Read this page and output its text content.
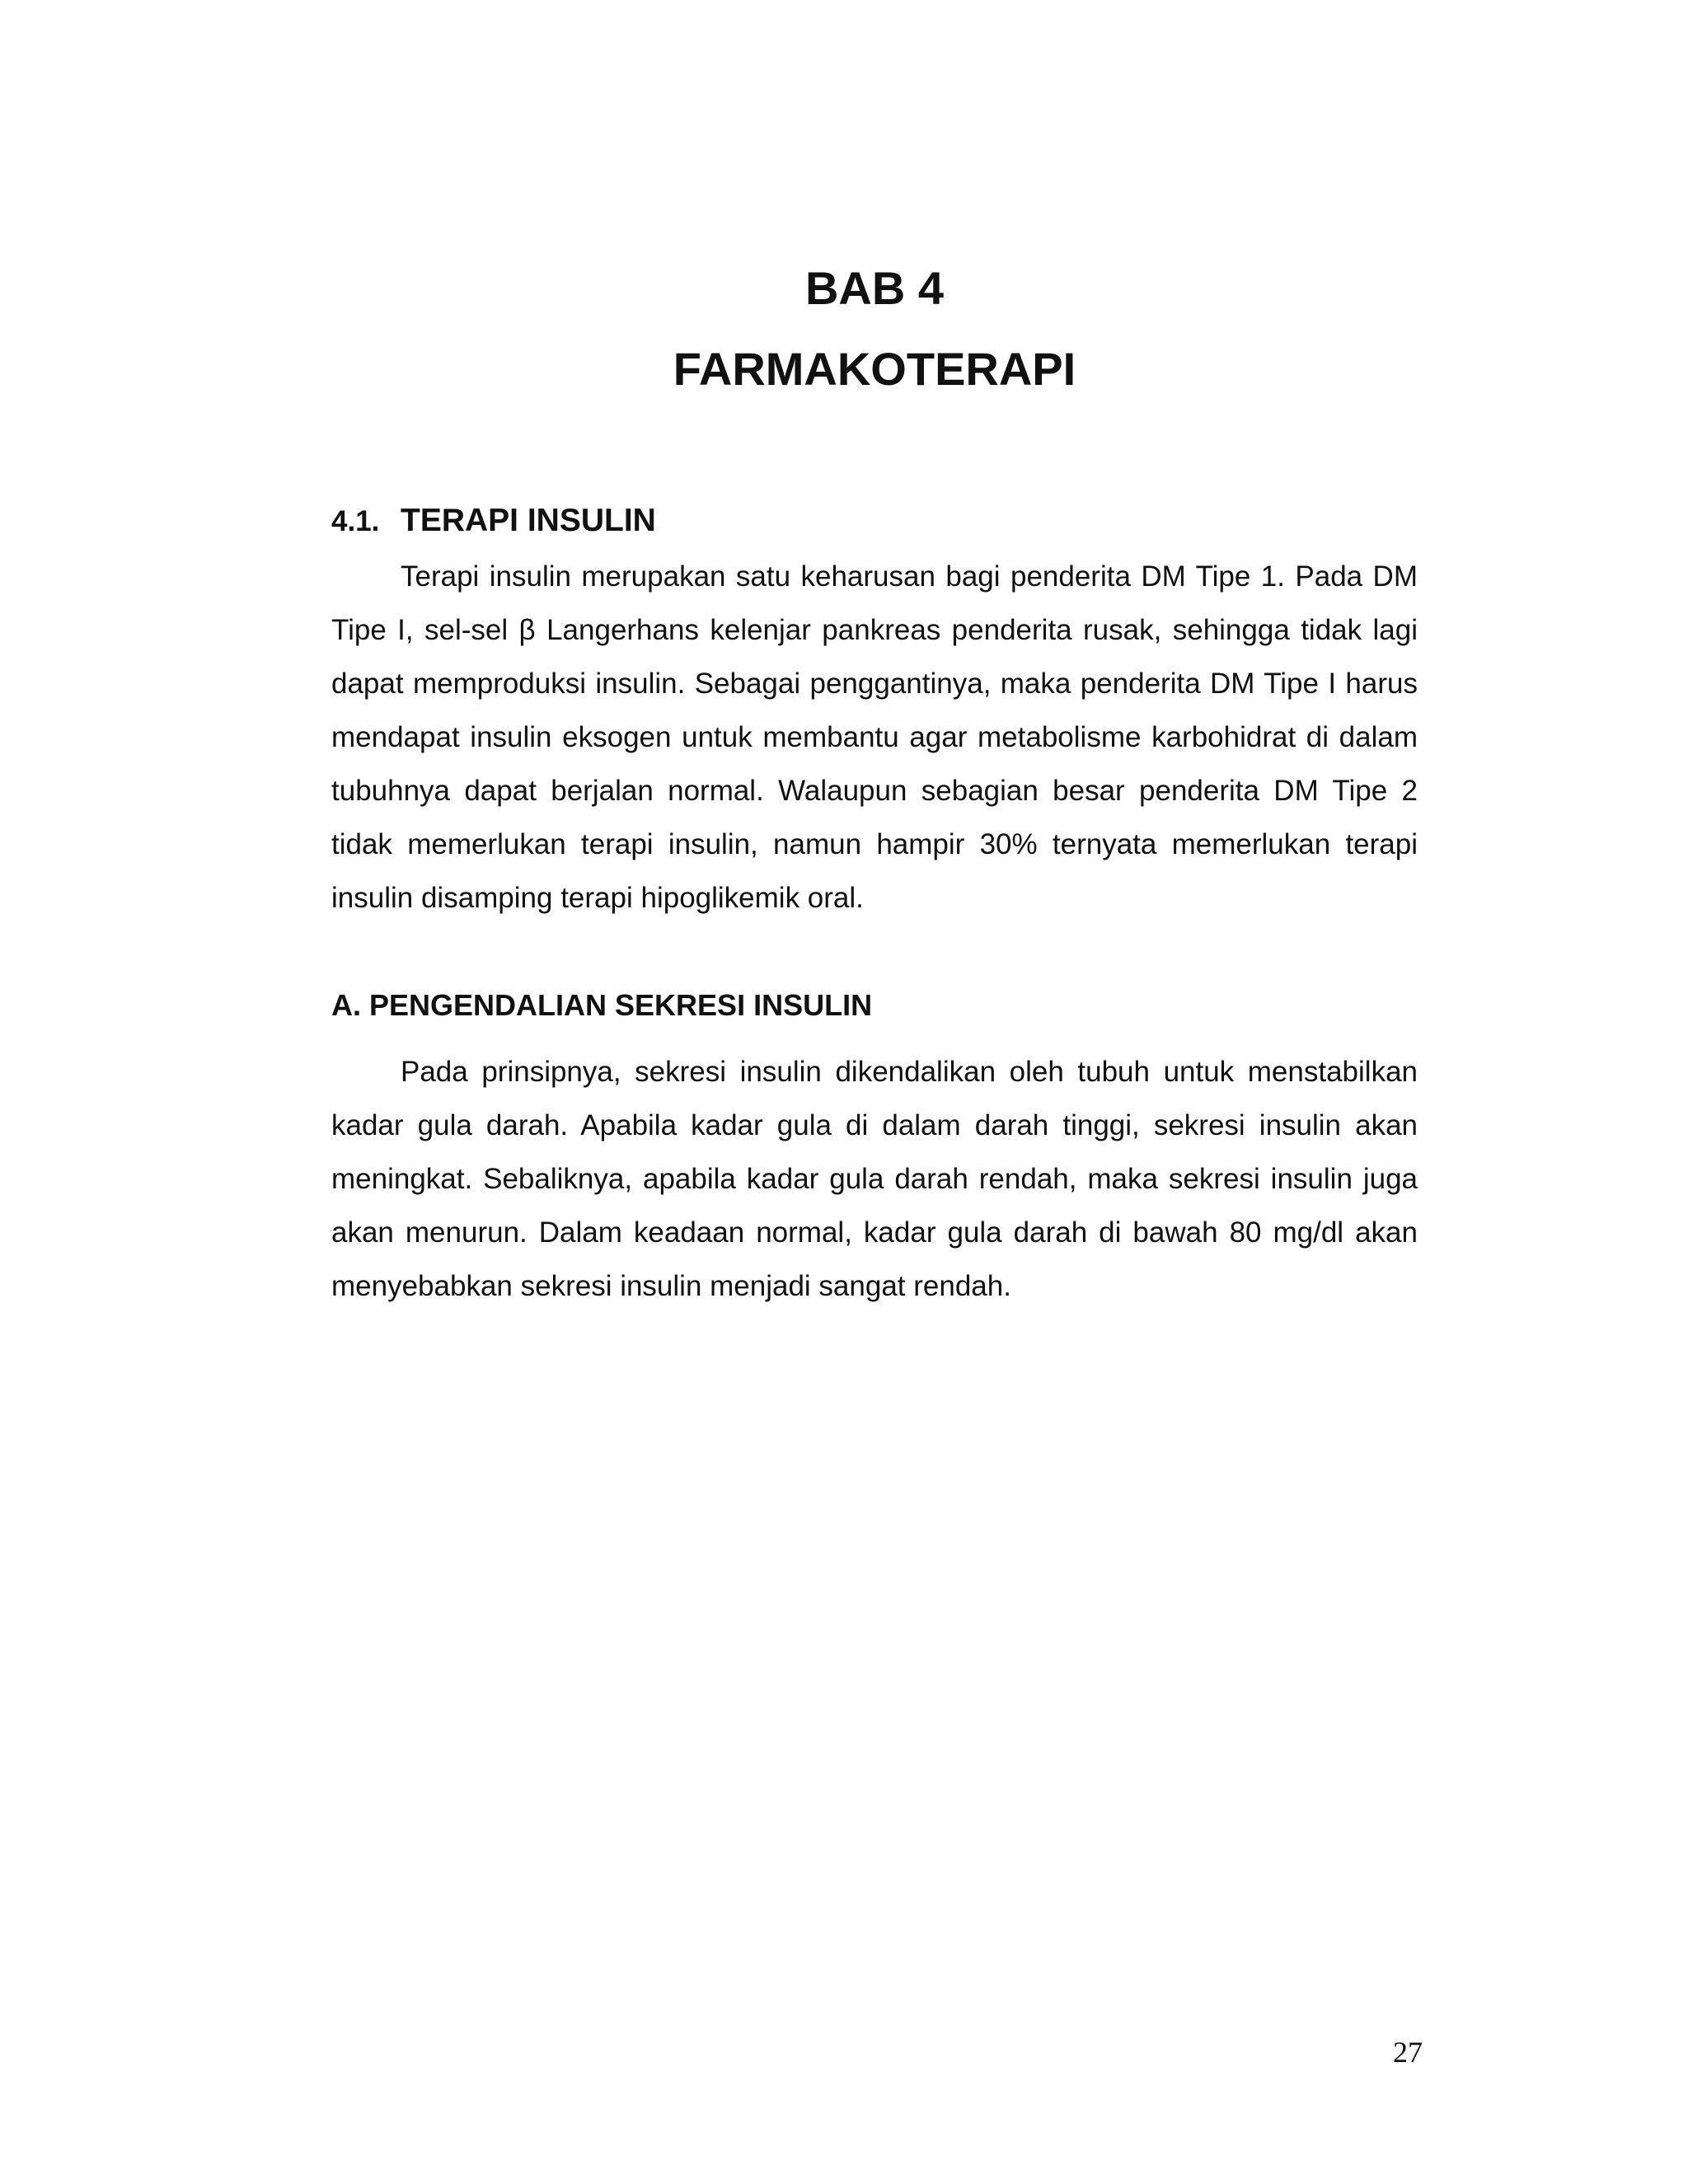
BAB 4
FARMAKOTERAPI
4.1. TERAPI INSULIN

Terapi insulin merupakan satu keharusan bagi penderita DM Tipe 1. Pada DM Tipe I, sel-sel β Langerhans kelenjar pankreas penderita rusak, sehingga tidak lagi dapat memproduksi insulin. Sebagai penggantinya, maka penderita DM Tipe I harus mendapat insulin eksogen untuk membantu agar metabolisme karbohidrat di dalam tubuhnya dapat berjalan normal. Walaupun sebagian besar penderita DM Tipe 2 tidak memerlukan terapi insulin, namun hampir 30% ternyata memerlukan terapi insulin disamping terapi hipoglikemik oral.

A. PENGENDALIAN SEKRESI INSULIN

Pada prinsipnya, sekresi insulin dikendalikan oleh tubuh untuk menstabilkan kadar gula darah. Apabila kadar gula di dalam darah tinggi, sekresi insulin akan meningkat. Sebaliknya, apabila kadar gula darah rendah, maka sekresi insulin juga akan menurun. Dalam keadaan normal, kadar gula darah di bawah 80 mg/dl akan menyebabkan sekresi insulin menjadi sangat rendah.

27
